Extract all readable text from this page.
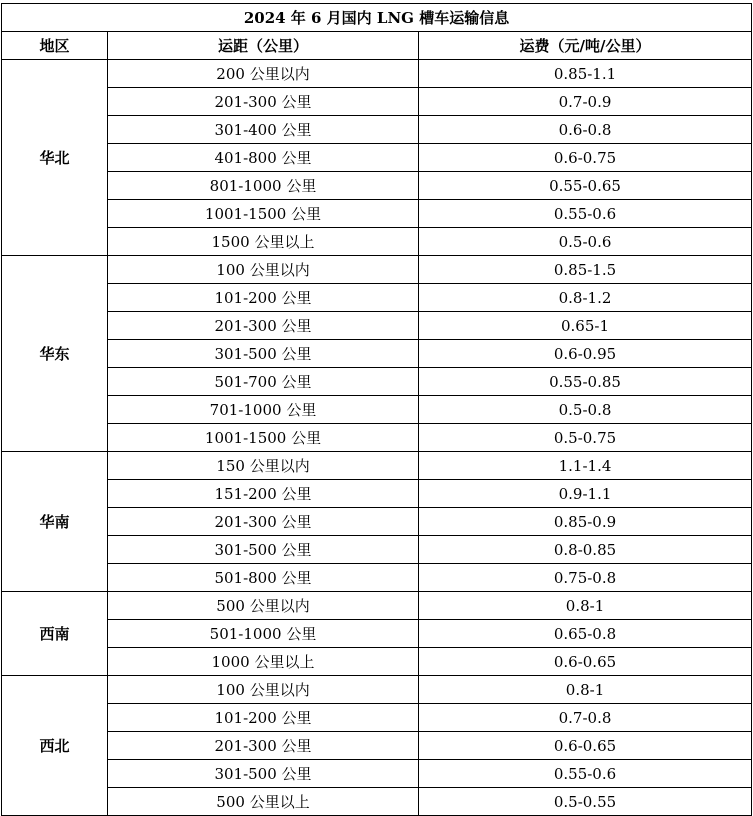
2024 年 6 月国内 LNG 槽车运输信息		
地区	运距（公里）	运费（元/吨/公里）
华北	200 公里以内	0.85-1.1
	201-300 公里	0.7-0.9
	301-400 公里	0.6-0.8
	401-800 公里	0.6-0.75
	801-1000 公里	0.55-0.65
	1001-1500 公里	0.55-0.6
	1500 公里以上	0.5-0.6
华东	100 公里以内	0.85-1.5
	101-200 公里	0.8-1.2
	201-300 公里	0.65-1
	301-500 公里	0.6-0.95
	501-700 公里	0.55-0.85
	701-1000 公里	0.5-0.8
	1001-1500 公里	0.5-0.75
华南	150 公里以内	1.1-1.4
	151-200 公里	0.9-1.1
	201-300 公里	0.85-0.9
	301-500 公里	0.8-0.85
	501-800 公里	0.75-0.8
西南	500 公里以内	0.8-1
	501-1000 公里	0.65-0.8
	1000 公里以上	0.6-0.65
西北	100 公里以内	0.8-1
	101-200 公里	0.7-0.8
	201-300 公里	0.6-0.65
	301-500 公里	0.55-0.6
	500 公里以上	0.5-0.55
